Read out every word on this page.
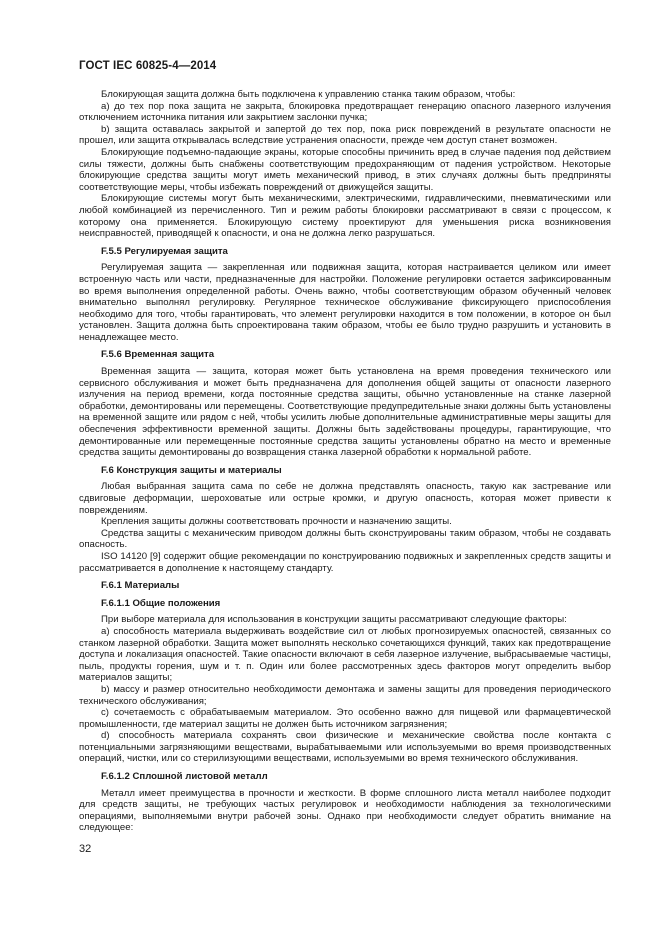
ГОСТ IEC 60825-4—2014

Блокирующая защита должна быть подключена к управлению станка таким образом, чтобы:

а) до тех пор пока защита не закрыта, блокировка предотвращает генерацию опасного лазерного излучения отключением источника питания или закрытием заслонки пучка;

b) защита оставалась закрытой и запертой до тех пор, пока риск повреждений в результате опасности не прошел, или защита открывалась вследствие устранения опасности, прежде чем доступ станет возможен.

Блокирующие подъемно-падающие экраны, которые способны причинить вред в случае падения под действием силы тяжести, должны быть снабжены соответствующим предохраняющим от падения устройством. Некоторые блокирующие средства защиты могут иметь механический привод, в этих случаях должны быть предприняты соответствующие меры, чтобы избежать повреждений от движущейся защиты.

Блокирующие системы могут быть механическими, электрическими, гидравлическими, пневматическими или любой комбинацией из перечисленного. Тип и режим работы блокировки рассматривают в связи с процессом, к которому она применяется. Блокирующую систему проектируют для уменьшения риска возникновения неисправностей, приводящей к опасности, и она не должна легко разрушаться.

F.5.5 Регулируемая защита

Регулируемая защита — закрепленная или подвижная защита, которая настраивается целиком или имеет встроенную часть или части, предназначенные для настройки. Положение регулировки остается зафиксированным во время выполнения определенной работы. Очень важно, чтобы соответствующим образом обученный человек внимательно выполнял регулировку. Регулярное техническое обслуживание фиксирующего приспособления необходимо для того, чтобы гарантировать, что элемент регулировки находится в том положении, в которое он был установлен. Защита должна быть спроектирована таким образом, чтобы ее было трудно разрушить и установить в ненадлежащее место.

F.5.6 Временная защита

Временная защита — защита, которая может быть установлена на время проведения технического или сервисного обслуживания и может быть предназначена для дополнения общей защиты от опасности лазерного излучения на период времени, когда постоянные средства защиты, обычно установленные на станке лазерной обработки, демонтированы или перемещены. Соответствующие предупредительные знаки должны быть установлены на временной защите или рядом с ней, чтобы усилить любые дополнительные административные меры защиты для обеспечения эффективности временной защиты. Должны быть задействованы процедуры, гарантирующие, что демонтированные или перемещенные постоянные средства защиты установлены обратно на место и временные средства защиты демонтированы до возвращения станка лазерной обработки к нормальной работе.

F.6 Конструкция защиты и материалы

Любая выбранная защита сама по себе не должна представлять опасность, такую как застревание или сдвиговые деформации, шероховатые или острые кромки, и другую опасность, которая может привести к повреждениям.

Крепления защиты должны соответствовать прочности и назначению защиты.

Средства защиты с механическим приводом должны быть сконструированы таким образом, чтобы не создавать опасность.

ISO 14120 [9] содержит общие рекомендации по конструированию подвижных и закрепленных средств защиты и рассматривается в дополнение к настоящему стандарту.

F.6.1 Материалы
F.6.1.1 Общие положения

При выборе материала для использования в конструкции защиты рассматривают следующие факторы:

а) способность материала выдерживать воздействие сил от любых прогнозируемых опасностей, связанных со станком лазерной обработки. Защита может выполнять несколько сочетающихся функций, таких как предотвращение доступа и локализация опасностей. Такие опасности включают в себя лазерное излучение, выбрасываемые частицы, пыль, продукты горения, шум и т. п. Один или более рассмотренных здесь факторов могут определить выбор материалов защиты;

b) массу и размер относительно необходимости демонтажа и замены защиты для проведения периодического технического обслуживания;

с) сочетаемость с обрабатываемым материалом. Это особенно важно для пищевой или фармацевтической промышленности, где материал защиты не должен быть источником загрязнения;

d) способность материала сохранять свои физические и механические свойства после контакта с потенциальными загрязняющими веществами, вырабатываемыми или используемыми во время производственных операций, чистки, или со стерилизующими веществами, используемыми во время технического обслуживания.

F.6.1.2 Сплошной листовой металл

Металл имеет преимущества в прочности и жесткости. В форме сплошного листа металл наиболее подходит для средств защиты, не требующих частых регулировок и необходимости наблюдения за технологическими операциями, выполняемыми внутри рабочей зоны. Однако при необходимости следует обратить внимание на следующее:

32
